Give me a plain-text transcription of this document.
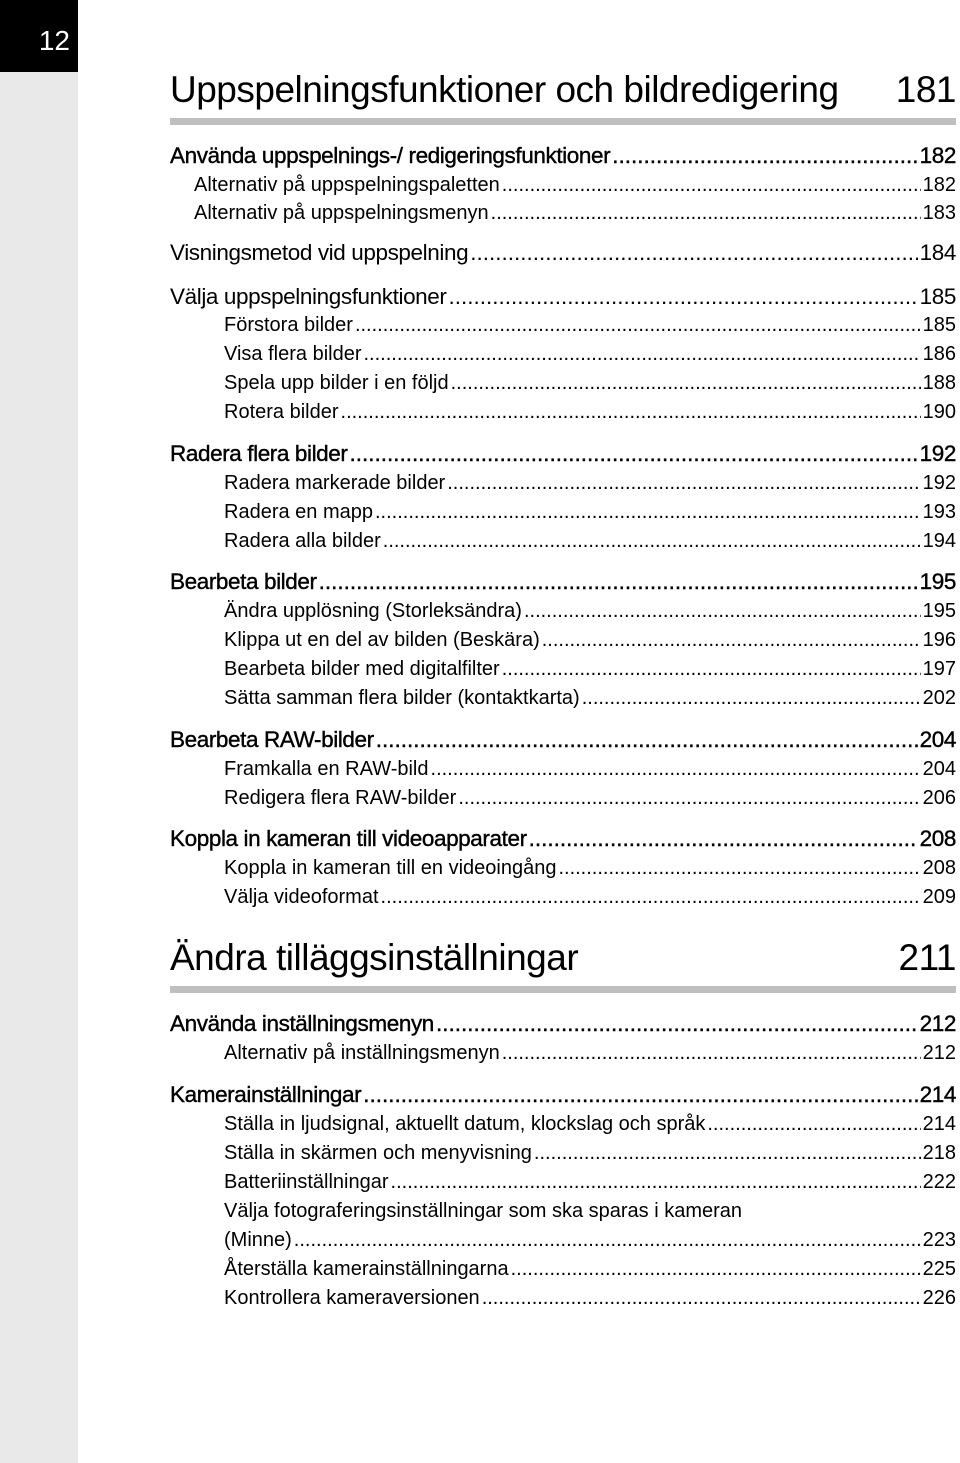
12
Uppspelningsfunktioner och bildredigering 181
Använda uppspelnings-/ redigeringsfunktioner .....	182
Alternativ på uppspelningspaletten .....	182
Alternativ på uppspelningsmenyn .....	183
Visningsmetod vid uppspelning .....	184
Välja uppspelningsfunktioner .....	185
Förstora bilder .....	185
Visa flera bilder .....	186
Spela upp bilder i en följd .....	188
Rotera bilder .....	190
Radera flera bilder .....	192
Radera markerade bilder .....	192
Radera en mapp .....	193
Radera alla bilder .....	194
Bearbeta bilder .....	195
Ändra upplösning (Storleksändra) .....	195
Klippa ut en del av bilden (Beskära) .....	196
Bearbeta bilder med digitalfilter .....	197
Sätta samman flera bilder (kontaktkarta) .....	202
Bearbeta RAW-bilder .....	204
Framkalla en RAW-bild .....	204
Redigera flera RAW-bilder .....	206
Koppla in kameran till videoapparater .....	208
Koppla in kameran till en videoingång .....	208
Välja videoformat .....	209
Ändra tilläggsinställningar	211
Använda inställningsmenyn .....	212
Alternativ på inställningsmenyn .....	212
Kamerainställningar .....	214
Ställa in ljudsignal, aktuellt datum, klockslag och språk .....	214
Ställa in skärmen och menyvisning .....	218
Batteriinställningar .....	222
Välja fotograferingsinställningar som ska sparas i kameran
(Minne) .....	223
Återställa kamerainställningarna .....	225
Kontrollera kameraversionen .....	226
